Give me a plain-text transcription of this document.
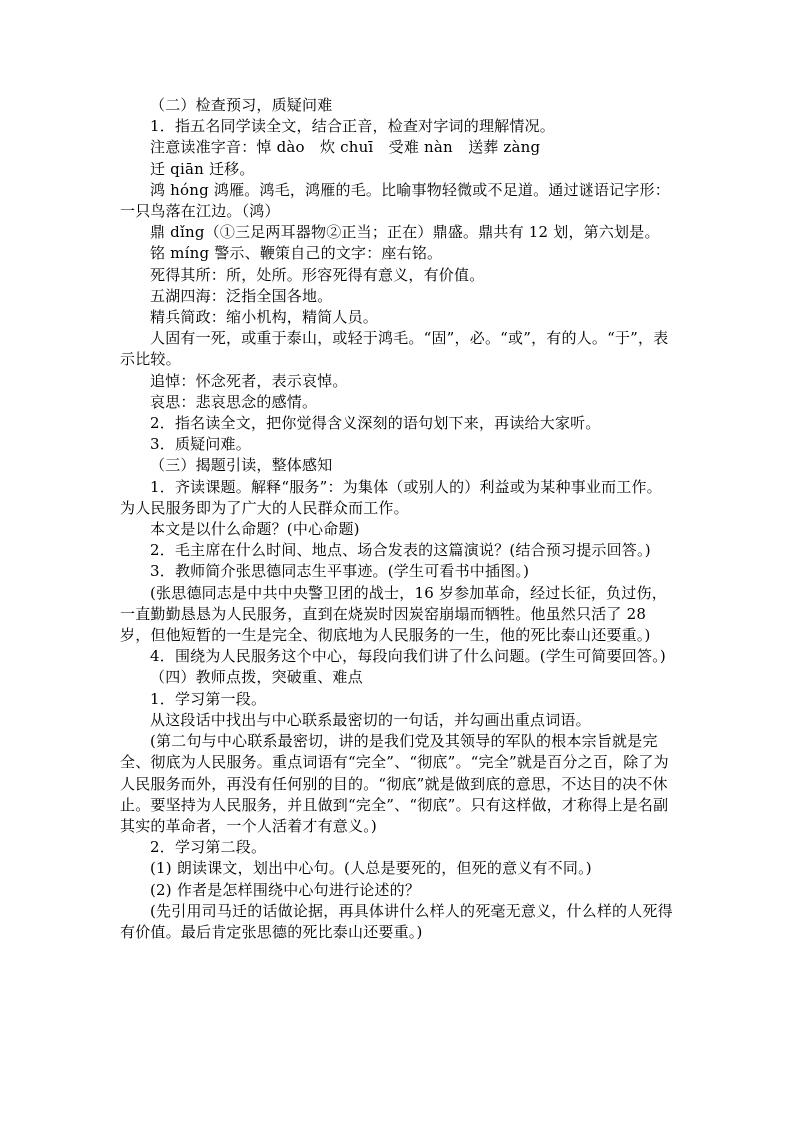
（二）检查预习，质疑问难

1．指五名同学读全文，结合正音，检查对字词的理解情况。

注意读准字音：悼 dào　炊 chuī　受难 nàn　送葬 zàng

迁 qiān 迁移。

鸿 hóng 鸿雁。鸿毛，鸿雁的毛。比喻事物轻微或不足道。通过谜语记字形：一只鸟落在江边。（鸿）

鼎 dǐng（①三足两耳器物②正当；正在）鼎盛。鼎共有 12 划，第六划是。

铭 míng 警示、鞭策自己的文字：座右铭。

死得其所：所，处所。形容死得有意义，有价值。

五湖四海：泛指全国各地。

精兵简政：缩小机构，精简人员。

人固有一死，或重于泰山，或轻于鸿毛。“固”，必。“或”，有的人。“于”，表示比较。

追悼：怀念死者，表示哀悼。

哀思：悲哀思念的感情。

2．指名读全文，把你觉得含义深刻的语句划下来，再读给大家听。

3．质疑问难。

（三）揭题引读，整体感知

1．齐读课题。解释“服务”：为集体（或别人的）利益或为某种事业而工作。为人民服务即为了广大的人民群众而工作。

本文是以什么命题？(中心命题)

2．毛主席在什么时间、地点、场合发表的这篇演说？(结合预习提示回答。)

3．教师简介张思德同志生平事迹。(学生可看书中插图。)

(张思德同志是中共中央警卫团的战士，16 岁参加革命，经过长征，负过伤，一直勤勤恳恳为人民服务，直到在烧炭时因炭窑崩塌而牺牲。他虽然只活了 28 岁，但他短暂的一生是完全、彻底地为人民服务的一生，他的死比泰山还要重。)

4．围绕为人民服务这个中心，每段向我们讲了什么问题。(学生可简要回答。)

（四）教师点拨，突破重、难点

1．学习第一段。

从这段话中找出与中心联系最密切的一句话，并勾画出重点词语。

(第二句与中心联系最密切，讲的是我们党及其领导的军队的根本宗旨就是完全、彻底为人民服务。重点词语有“完全”、“彻底”。“完全”就是百分之百，除了为人民服务而外，再没有任何别的目的。“彻底”就是做到底的意思，不达目的决不休止。要坚持为人民服务，并且做到“完全”、“彻底”。只有这样做，才称得上是名副其实的革命者，一个人活着才有意义。)

2．学习第二段。

(1) 朗读课文，划出中心句。(人总是要死的，但死的意义有不同。)

(2) 作者是怎样围绕中心句进行论述的？

(先引用司马迁的话做论据，再具体讲什么样人的死毫无意义，什么样的人死得有价值。最后肯定张思德的死比泰山还要重。)
